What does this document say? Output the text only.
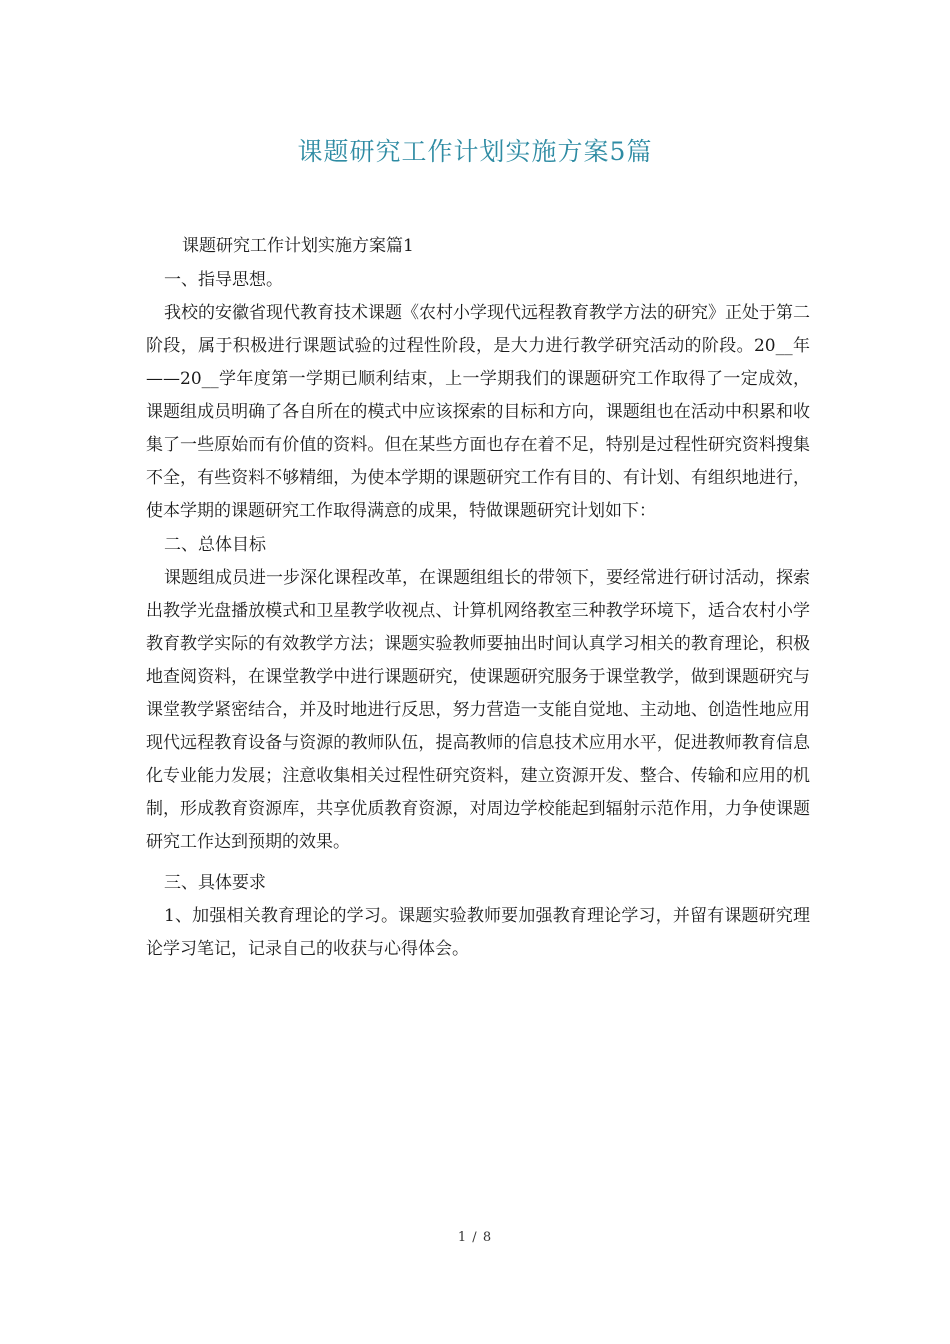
课题研究工作计划实施方案5篇

课题研究工作计划实施方案篇1

一、指导思想。

我校的安徽省现代教育技术课题《农村小学现代远程教育教学方法的研究》正处于第二阶段，属于积极进行课题试验的过程性阶段，是大力进行教学研究活动的阶段。20__年——20__学年度第一学期已顺利结束，上一学期我们的课题研究工作取得了一定成效，课题组成员明确了各自所在的模式中应该探索的目标和方向，课题组也在活动中积累和收集了一些原始而有价值的资料。但在某些方面也存在着不足，特别是过程性研究资料搜集不全，有些资料不够精细，为使本学期的课题研究工作有目的、有计划、有组织地进行，使本学期的课题研究工作取得满意的成果，特做课题研究计划如下：

二、总体目标

课题组成员进一步深化课程改革，在课题组组长的带领下，要经常进行研讨活动，探索出教学光盘播放模式和卫星教学收视点、计算机网络教室三种教学环境下，适合农村小学教育教学实际的有效教学方法；课题实验教师要抽出时间认真学习相关的教育理论，积极地查阅资料，在课堂教学中进行课题研究，使课题研究服务于课堂教学，做到课题研究与课堂教学紧密结合，并及时地进行反思，努力营造一支能自觉地、主动地、创造性地应用现代远程教育设备与资源的教师队伍，提高教师的信息技术应用水平，促进教师教育信息化专业能力发展；注意收集相关过程性研究资料，建立资源开发、整合、传输和应用的机制，形成教育资源库，共享优质教育资源，对周边学校能起到辐射示范作用，力争使课题研究工作达到预期的效果。

三、具体要求

1、加强相关教育理论的学习。课题实验教师要加强教育理论学习，并留有课题研究理论学习笔记，记录自己的收获与心得体会。

1 / 8
